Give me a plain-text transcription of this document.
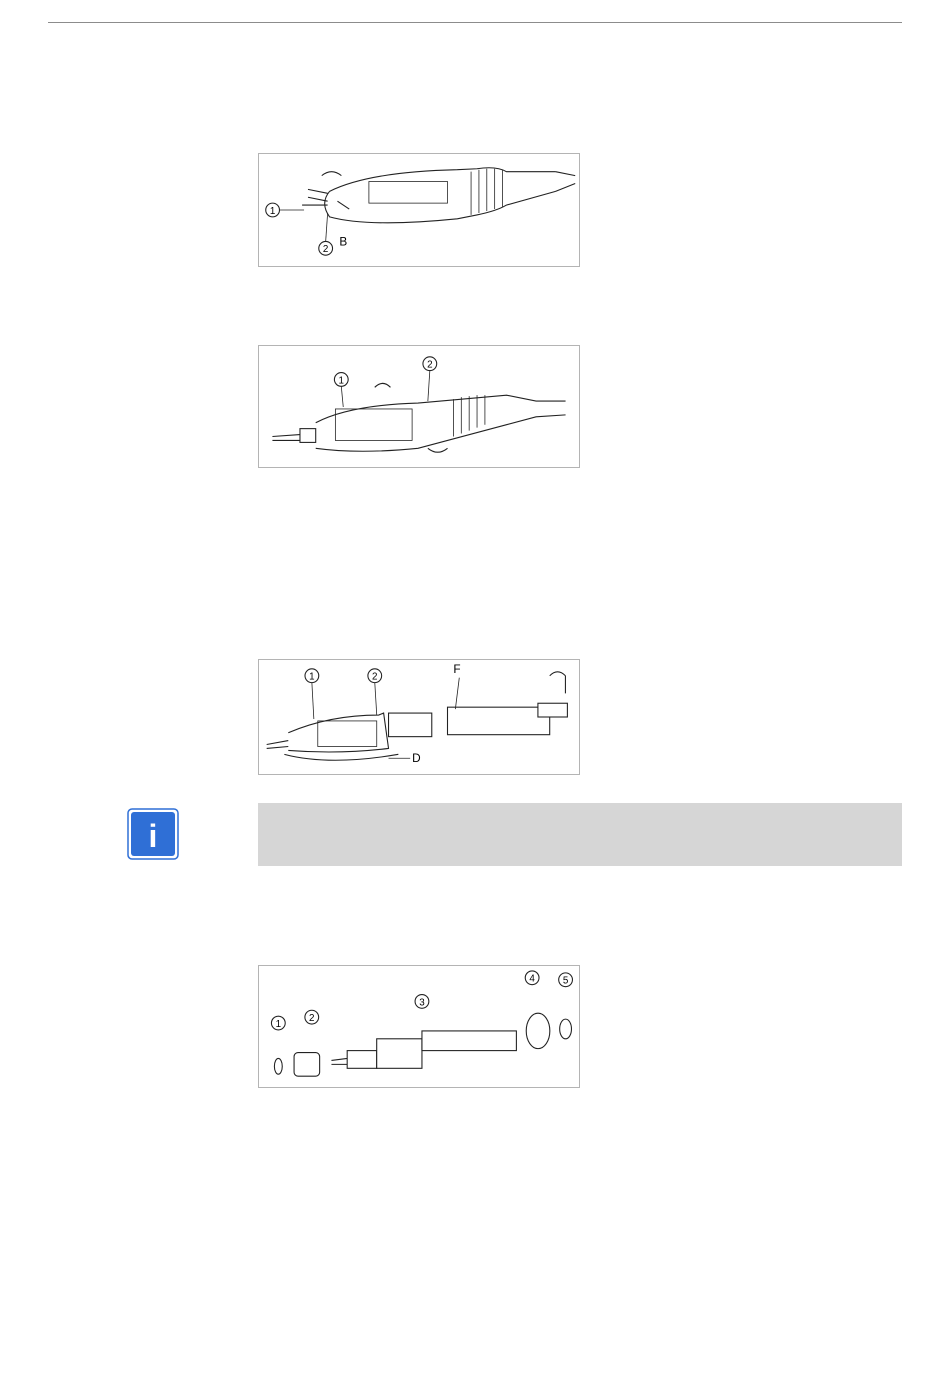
1
2
B
1
2
1	2
F
D
i
1
2
3
4	5
